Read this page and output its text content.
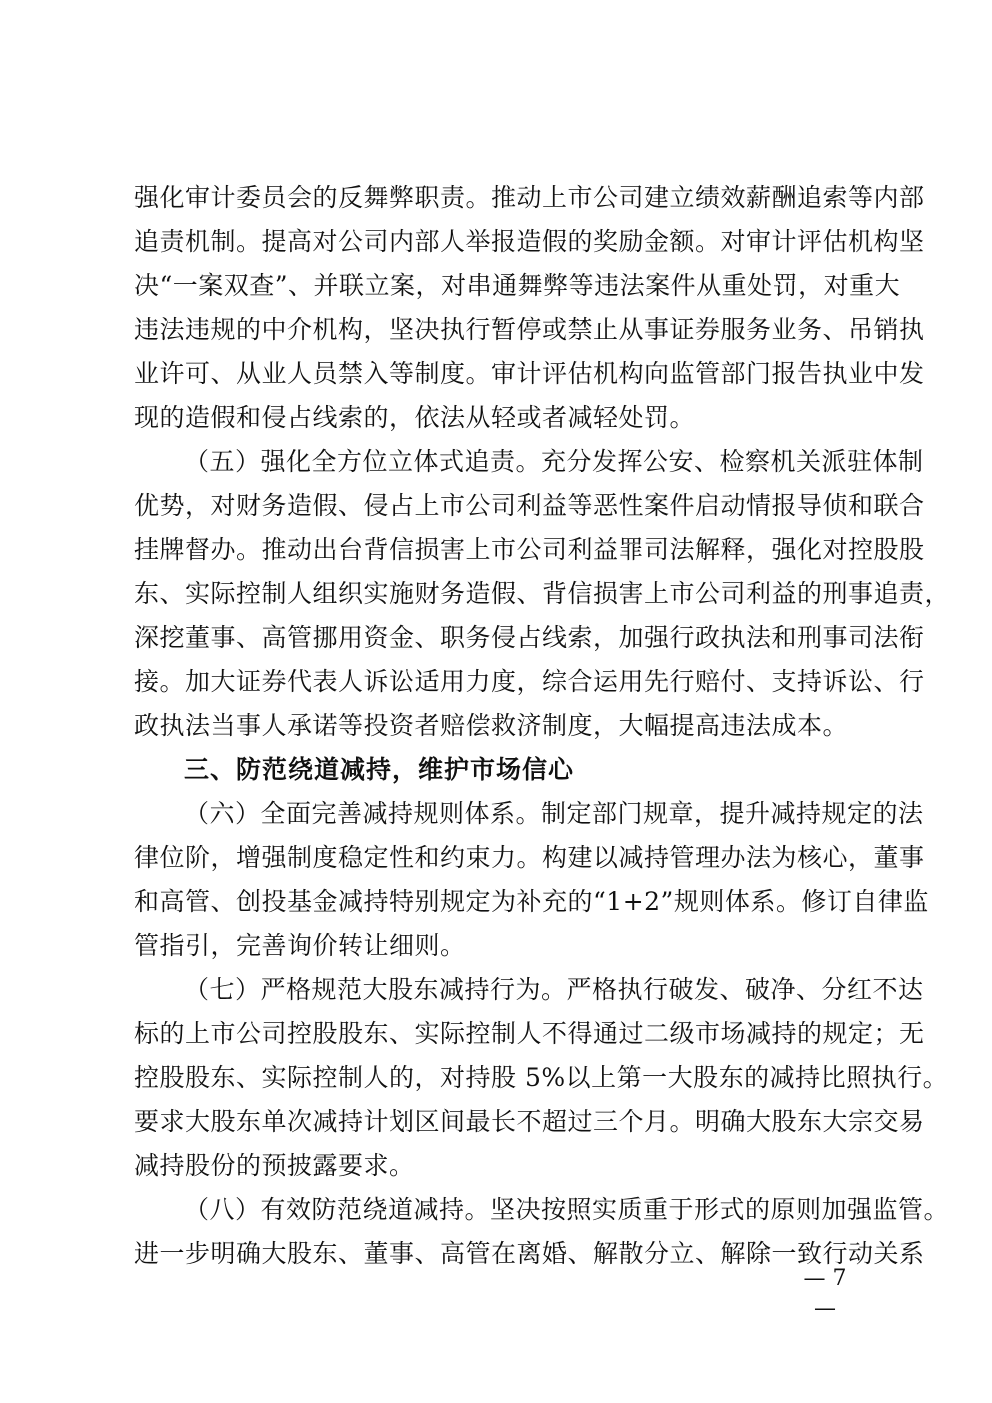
强化审计委员会的反舞弊职责。推动上市公司建立绩效薪酬追索等内部
追责机制。提高对公司内部人举报造假的奖励金额。对审计评估机构坚
决“一案双查”、并联立案，对串通舞弊等违法案件从重处罚，对重大
违法违规的中介机构，坚决执行暂停或禁止从事证券服务业务、吊销执
业许可、从业人员禁入等制度。审计评估机构向监管部门报告执业中发
现的造假和侵占线索的，依法从轻或者减轻处罚。
（五）强化全方位立体式追责。充分发挥公安、检察机关派驻体制
优势，对财务造假、侵占上市公司利益等恶性案件启动情报导侦和联合
挂牌督办。推动出台背信损害上市公司利益罪司法解释，强化对控股股
东、实际控制人组织实施财务造假、背信损害上市公司利益的刑事追责，
深挖董事、高管挪用资金、职务侵占线索，加强行政执法和刑事司法衔
接。加大证券代表人诉讼适用力度，综合运用先行赔付、支持诉讼、行
政执法当事人承诺等投资者赔偿救济制度，大幅提高违法成本。
三、防范绕道减持，维护市场信心
（六）全面完善减持规则体系。制定部门规章，提升减持规定的法
律位阶，增强制度稳定性和约束力。构建以减持管理办法为核心，董事
和高管、创投基金减持特别规定为补充的“1+2”规则体系。修订自律监
管指引，完善询价转让细则。
（七）严格规范大股东减持行为。严格执行破发、破净、分红不达
标的上市公司控股股东、实际控制人不得通过二级市场减持的规定；无
控股股东、实际控制人的，对持股 5%以上第一大股东的减持比照执行。
要求大股东单次减持计划区间最长不超过三个月。明确大股东大宗交易
减持股份的预披露要求。
（八）有效防范绕道减持。坚决按照实质重于形式的原则加强监管。
进一步明确大股东、董事、高管在离婚、解散分立、解除一致行动关系
— 7 —
